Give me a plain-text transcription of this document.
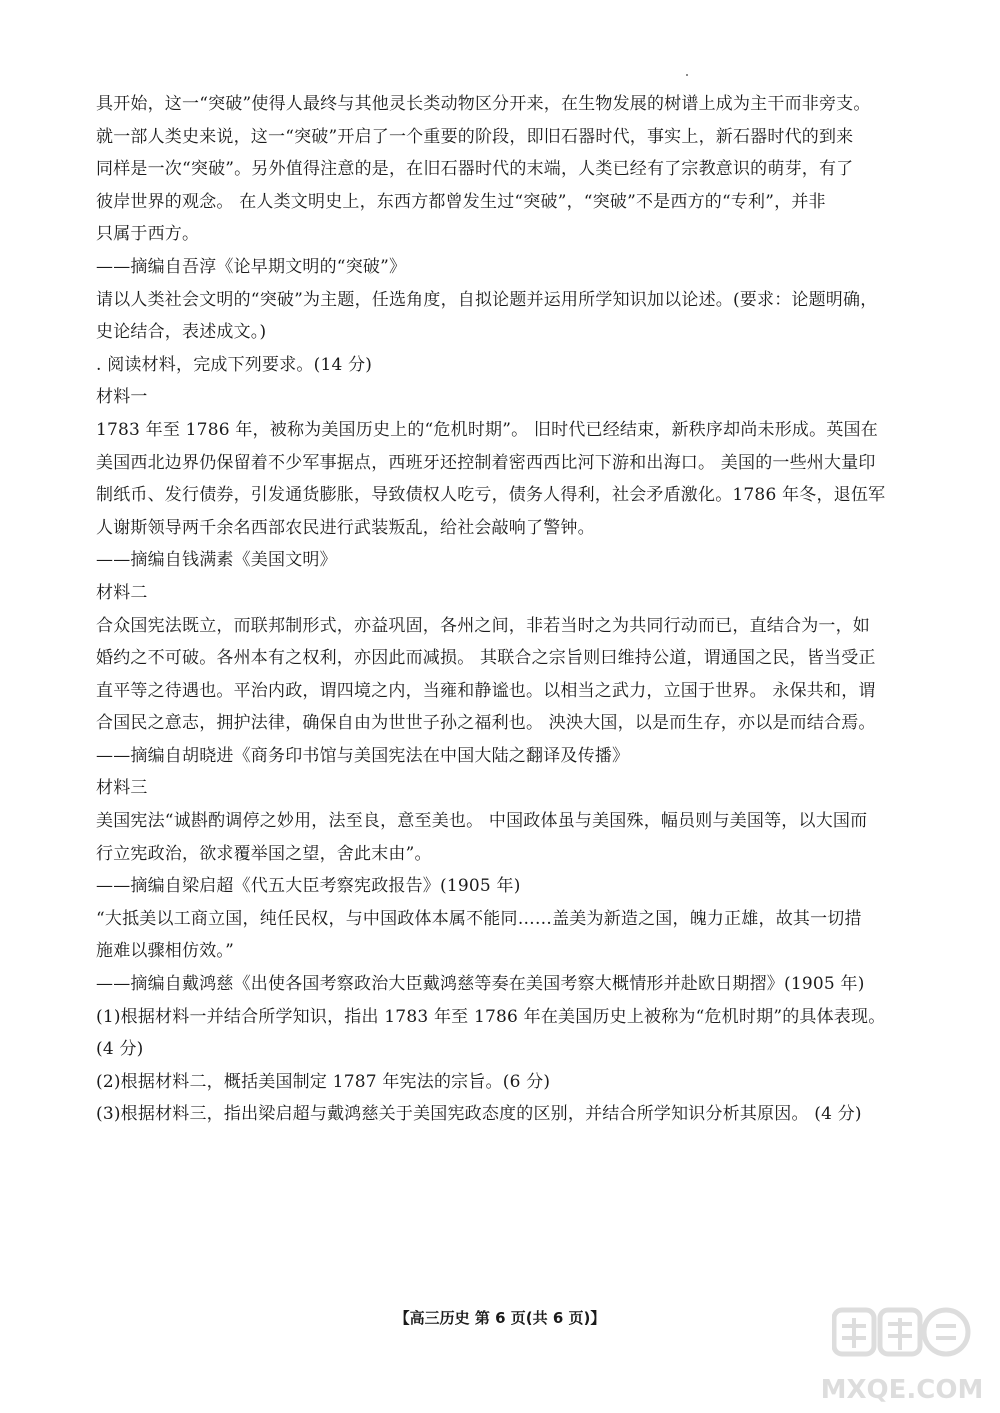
具开始，这一“突破”使得人最终与其他灵长类动物区分开来，在生物发展的树谱上成为主干而非旁支。
就一部人类史来说，这一“突破”开启了一个重要的阶段，即旧石器时代，事实上，新石器时代的到来
同样是一次“突破”。另外值得注意的是，在旧石器时代的末端，人类已经有了宗教意识的萌芽，有了
彼岸世界的观念。 在人类文明史上，东西方都曾发生过“突破”，“突破”不是西方的“专利”，并非
只属于西方。
——摘编自吾淳《论早期文明的“突破”》
请以人类社会文明的“突破”为主题，任选角度，自拟论题并运用所学知识加以论述。(要求：论题明确，
史论结合，表述成文。)
. 阅读材料，完成下列要求。(14 分)
材料一
1783 年至 1786 年，被称为美国历史上的“危机时期”。 旧时代已经结束，新秩序却尚未形成。英国在
美国西北边界仍保留着不少军事据点，西班牙还控制着密西西比河下游和出海口。 美国的一些州大量印
制纸币、发行债券，引发通货膨胀，导致债权人吃亏，债务人得利，社会矛盾激化。1786 年冬，退伍军
人谢斯领导两千余名西部农民进行武装叛乱，给社会敲响了警钟。
——摘编自钱满素《美国文明》
材料二
合众国宪法既立，而联邦制形式，亦益巩固，各州之间，非若当时之为共同行动而已，直结合为一，如
婚约之不可破。各州本有之权利，亦因此而减损。 其联合之宗旨则曰维持公道，谓通国之民，皆当受正
直平等之待遇也。平治内政，谓四境之内，当雍和静谧也。以相当之武力，立国于世界。 永保共和，谓
合国民之意志，拥护法律，确保自由为世世子孙之福利也。 泱泱大国，以是而生存，亦以是而结合焉。
——摘编自胡晓进《商务印书馆与美国宪法在中国大陆之翻译及传播》
材料三
美国宪法“诚斟酌调停之妙用，法至良，意至美也。 中国政体虽与美国殊，幅员则与美国等，以大国而
行立宪政治，欲求覆举国之望，舍此末由”。
——摘编自梁启超《代五大臣考察宪政报告》(1905 年)
“大抵美以工商立国，纯任民权，与中国政体本属不能同……盖美为新造之国，魄力正雄，故其一切措
施难以骤相仿效。”
——摘编自戴鸿慈《出使各国考察政治大臣戴鸿慈等奏在美国考察大概情形并赴欧日期摺》(1905 年)
(1)根据材料一并结合所学知识，指出 1783 年至 1786 年在美国历史上被称为“危机时期”的具体表现。
(4 分)
(2)根据材料二，概括美国制定 1787 年宪法的宗旨。(6 分)
(3)根据材料三，指出梁启超与戴鸿慈关于美国宪政态度的区别，并结合所学知识分析其原因。 (4 分)
【高三历史 第 6 页(共 6 页)】
MXQE.COM
